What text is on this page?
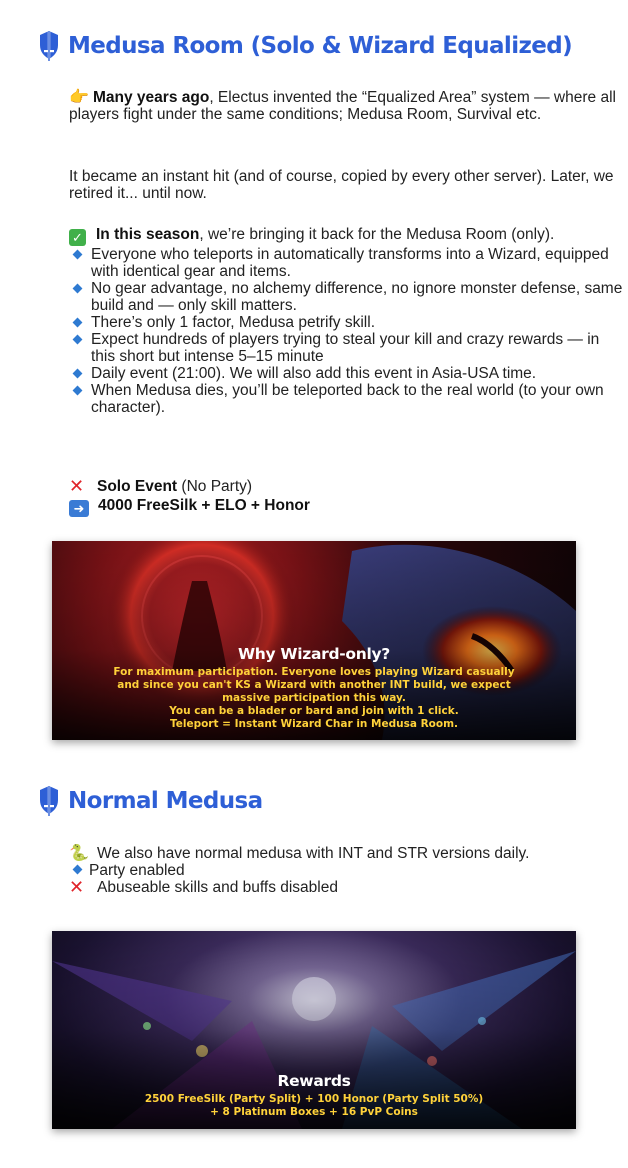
Medusa Room (Solo & Wizard Equalized)

👉 Many years ago, Electus invented the “Equalized Area” system — where all players fight under the same conditions; Medusa Room, Survival etc.

It became an instant hit (and of course, copied by every other server). Later, we retired it... until now.

✓ In this season, we’re bringing it back for the Medusa Room (only).

Everyone who teleports in automatically transforms into a Wizard, equipped with identical gear and items.

No gear advantage, no alchemy difference, no ignore monster defense, same build and — only skill matters.

There’s only 1 factor, Medusa petrify skill.

Expect hundreds of players trying to steal your kill and crazy rewards — in this short but intense 5–15 minute

Daily event (21:00). We will also add this event in Asia-USA time.

When Medusa dies, you’ll be teleported back to the real world (to your own character).

✕ Solo Event (No Party)

➜ 4000 FreeSilk + ELO + Honor

Why Wizard-only?
For maximum participation. Everyone loves playing Wizard casually
and since you can't KS a Wizard with another INT build, we expect
massive participation this way.
You can be a blader or bard and join with 1 click.
Teleport = Instant Wizard Char in Medusa Room.
Normal Medusa

🐍 We also have normal medusa with INT and STR versions daily.

Party enabled

✕ Abuseable skills and buffs disabled

Rewards
2500 FreeSilk (Party Split) + 100 Honor (Party Split 50%)
+ 8 Platinum Boxes + 16 PvP Coins
